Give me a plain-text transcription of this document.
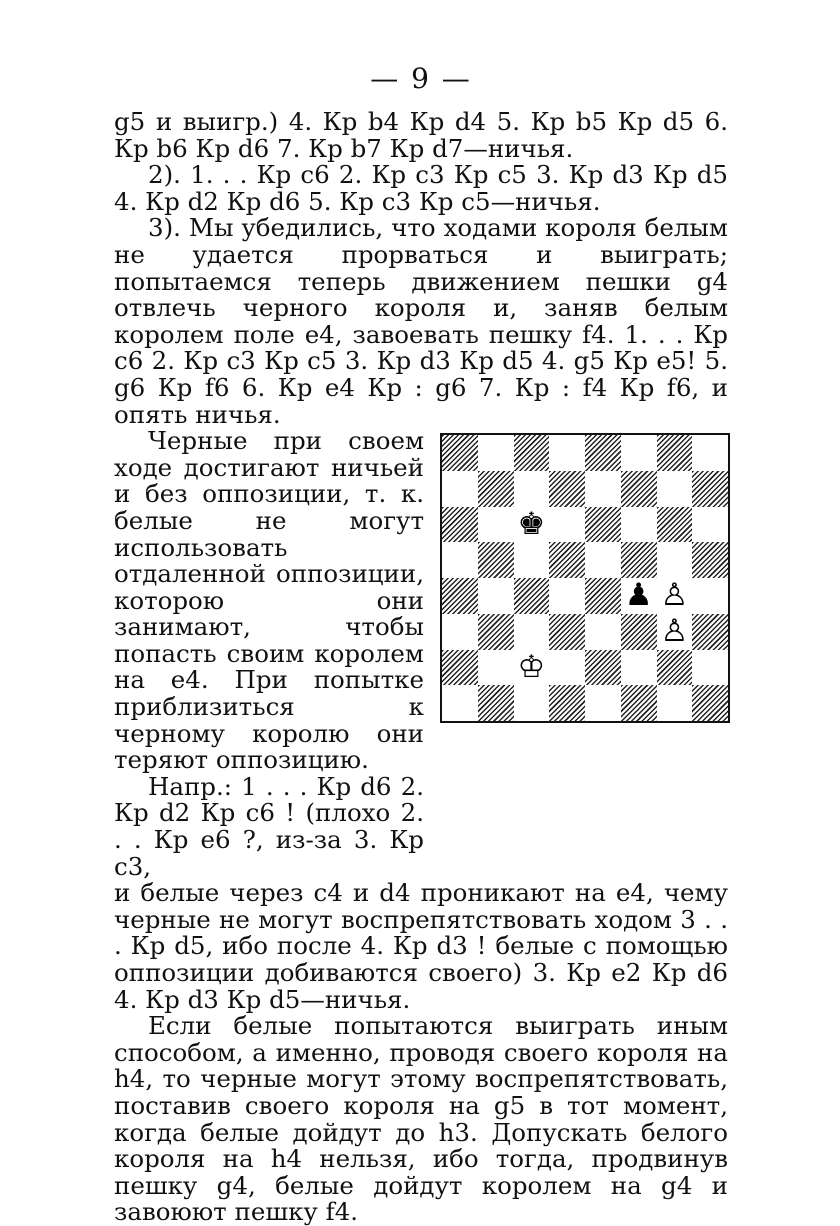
— 9 —

g5 и выигр.) 4. Кр b4 Кр d4 5. Кр b5 Кр d5 6. Кр b6 Кр d6 7. Кр b7 Кр d7—ничья.

2). 1. . . Кр c6 2. Кр c3 Кр c5 3. Кр d3 Кр d5 4. Кр d2 Кр d6 5. Кр c3 Кр c5—ничья.

3). Мы убедились, что ходами короля белым не удается прорваться и выиграть; попытаемся теперь движением пешки g4 отвлечь черного короля и, заняв белым королем поле e4, завоевать пешку f4. 1. . . Кр c6 2. Кр c3 Кр c5 3. Кр d3 Кр d5 4. g5 Кр e5! 5. g6 Кр f6 6. Кр e4 Кр : g6 7. Кр : f4 Кр f6, и опять ничья.

Черные при своем ходе достигают ничьей и без оппозиции, т. к. белые не могут использовать отдаленной оппозиции, которою они занимают, чтобы попасть своим королем на e4. При попытке приблизиться к черному королю они теряют оппозицию.

Напр.: 1 . . . Кр d6 2. Кр d2 Кр c6 ! (плохо 2. . . Кр e6 ?, из-за 3. Кр c3,

♚
♟ ♙
♙
♔

и белые через c4 и d4 проникают на e4, чему черные не могут воспрепятствовать ходом 3 . . . Кр d5, ибо после 4. Кр d3 ! белые с помощью оппозиции добиваются своего) 3. Кр e2 Кр d6 4. Кр d3 Кр d5—ничья.

Если белые попытаются выиграть иным способом, а именно, проводя своего короля на h4, то черные могут этому воспрепятствовать, поставив своего короля на g5 в тот момент, когда белые дойдут до h3. Допускать белого короля на h4 нельзя, ибо тогда, продвинув пешку g4, белые дойдут королем на g4 и завоюют пешку f4.
